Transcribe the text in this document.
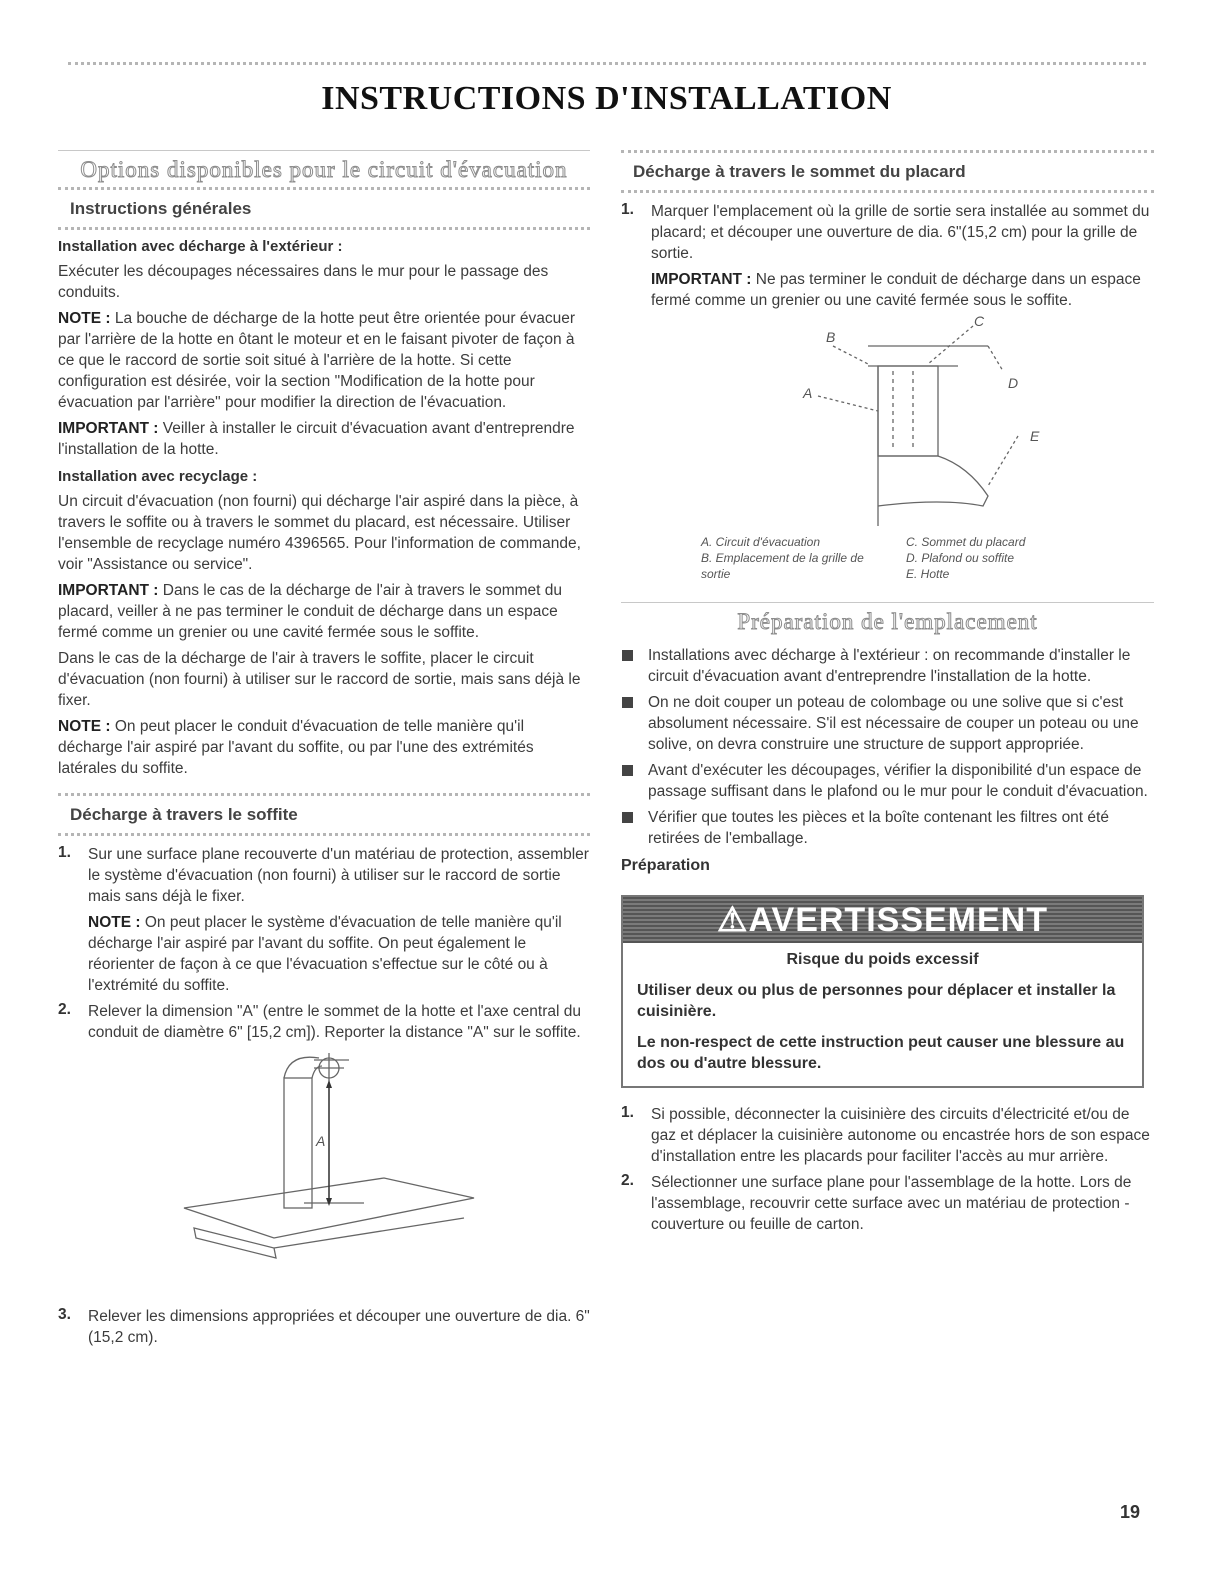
INSTRUCTIONS D'INSTALLATION
Options disponibles pour le circuit d'évacuation
Instructions générales
Installation avec décharge à l'extérieur :

Exécuter les découpages nécessaires dans le mur pour le passage des conduits.

NOTE : La bouche de décharge de la hotte peut être orientée pour évacuer par l'arrière de la hotte en ôtant le moteur et en le faisant pivoter de façon à ce que le raccord de sortie soit situé à l'arrière de la hotte. Si cette configuration est désirée, voir la section "Modification de la hotte pour évacuation par l'arrière" pour modifier la direction de l'évacuation.

IMPORTANT : Veiller à installer le circuit d'évacuation avant d'entreprendre l'installation de la hotte.

Installation avec recyclage :

Un circuit d'évacuation (non fourni) qui décharge l'air aspiré dans la pièce, à travers le soffite ou à travers le sommet du placard, est nécessaire. Utiliser l'ensemble de recyclage numéro 4396565. Pour l'information de commande, voir "Assistance ou service".

IMPORTANT : Dans le cas de la décharge de l'air à travers le sommet du placard, veiller à ne pas terminer le conduit de décharge dans un espace fermé comme un grenier ou une cavité fermée sous le soffite.

Dans le cas de la décharge de l'air à travers le soffite, placer le circuit d'évacuation (non fourni) à utiliser sur le raccord de sortie, mais sans déjà le fixer.

NOTE : On peut placer le conduit d'évacuation de telle manière qu'il décharge l'air aspiré par l'avant du soffite, ou par l'une des extrémités latérales du soffite.

Décharge à travers le soffite
1. Sur une surface plane recouverte d'un matériau de protection, assembler le système d'évacuation (non fourni) à utiliser sur le raccord de sortie mais sans déjà le fixer.

NOTE : On peut placer le système d'évacuation de telle manière qu'il décharge l'air aspiré par l'avant du soffite. On peut également le réorienter de façon à ce que l'évacuation s'effectue sur le côté ou à l'extrémité du soffite.

2. Relever la dimension "A" (entre le sommet de la hotte et l'axe central du conduit de diamètre 6" [15,2 cm]). Reporter la distance "A" sur le soffite.

A
3. Relever les dimensions appropriées et découper une ouverture de dia. 6" (15,2 cm).

Décharge à travers le sommet du placard
1. Marquer l'emplacement où la grille de sortie sera installée au sommet du placard; et découper une ouverture de dia. 6"(15,2 cm) pour la grille de sortie.

IMPORTANT : Ne pas terminer le conduit de décharge dans un espace fermé comme un grenier ou une cavité fermée sous le soffite.

A
B
C
D
E

A. Circuit d'évacuation

B. Emplacement de la grille de sortie

C. Sommet du placard

D. Plafond ou soffite

E. Hotte

Préparation de l'emplacement

Installations avec décharge à l'extérieur : on recommande d'installer le circuit d'évacuation avant d'entreprendre l'installation de la hotte.

On ne doit couper un poteau de colombage ou une solive que si c'est absolument nécessaire. S'il est nécessaire de couper un poteau ou une solive, on devra construire une structure de support appropriée.

Avant d'exécuter les découpages, vérifier la disponibilité d'un espace de passage suffisant dans le plafond ou le mur pour le conduit d'évacuation.

Vérifier que toutes les pièces et la boîte contenant les filtres ont été retirées de l'emballage.

Préparation
⚠AVERTISSEMENT

Risque du poids excessif

Utiliser deux ou plus de personnes pour déplacer et installer la cuisinière.

Le non-respect de cette instruction peut causer une blessure au dos ou d'autre blessure.

1. Si possible, déconnecter la cuisinière des circuits d'électricité et/ou de gaz et déplacer la cuisinière autonome ou encastrée hors de son espace d'installation entre les placards pour faciliter l'accès au mur arrière.

2. Sélectionner une surface plane pour l'assemblage de la hotte. Lors de l'assemblage, recouvrir cette surface avec un matériau de protection - couverture ou feuille de carton.

19
